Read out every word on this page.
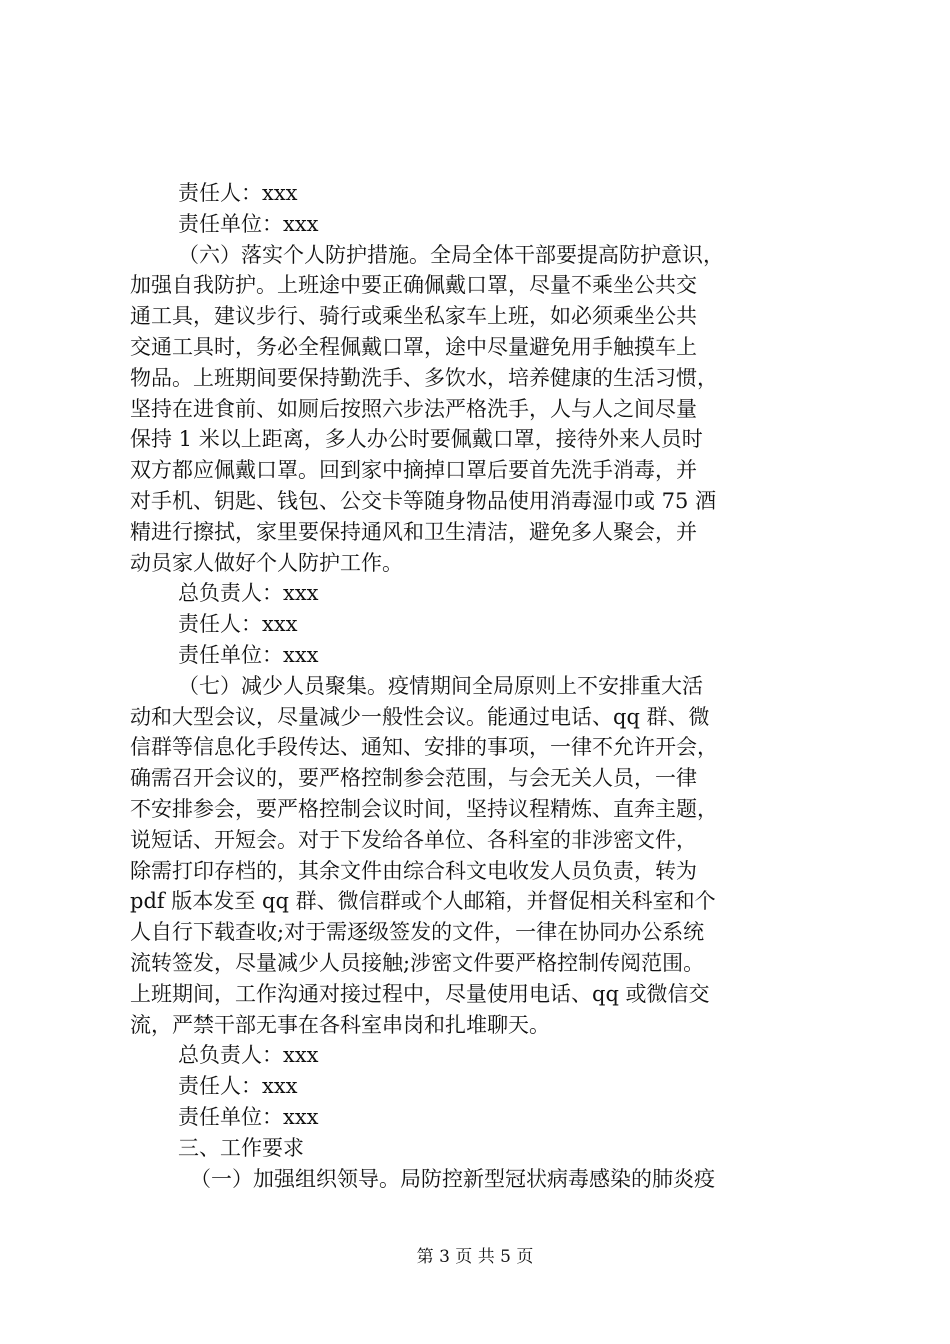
责任人：xxx
责任单位：xxx
（六）落实个人防护措施。全局全体干部要提高防护意识，
加强自我防护。上班途中要正确佩戴口罩，尽量不乘坐公共交
通工具，建议步行、骑行或乘坐私家车上班，如必须乘坐公共
交通工具时，务必全程佩戴口罩，途中尽量避免用手触摸车上
物品。上班期间要保持勤洗手、多饮水，培养健康的生活习惯，
坚持在进食前、如厕后按照六步法严格洗手，人与人之间尽量
保持 1 米以上距离，多人办公时要佩戴口罩，接待外来人员时
双方都应佩戴口罩。回到家中摘掉口罩后要首先洗手消毒，并
对手机、钥匙、钱包、公交卡等随身物品使用消毒湿巾或 75 酒
精进行擦拭，家里要保持通风和卫生清洁，避免多人聚会，并
动员家人做好个人防护工作。
总负责人：xxx
责任人：xxx
责任单位：xxx
（七）减少人员聚集。疫情期间全局原则上不安排重大活
动和大型会议，尽量减少一般性会议。能通过电话、qq 群、微
信群等信息化手段传达、通知、安排的事项，一律不允许开会，
确需召开会议的，要严格控制参会范围，与会无关人员，一律
不安排参会，要严格控制会议时间，坚持议程精炼、直奔主题，
说短话、开短会。对于下发给各单位、各科室的非涉密文件，
除需打印存档的，其余文件由综合科文电收发人员负责，转为
pdf 版本发至 qq 群、微信群或个人邮箱，并督促相关科室和个
人自行下载查收;对于需逐级签发的文件，一律在协同办公系统
流转签发，尽量减少人员接触;涉密文件要严格控制传阅范围。
上班期间，工作沟通对接过程中，尽量使用电话、qq 或微信交
流，严禁干部无事在各科室串岗和扎堆聊天。
总负责人：xxx
责任人：xxx
责任单位：xxx
三、工作要求
（一）加强组织领导。局防控新型冠状病毒感染的肺炎疫
第 3 页 共 5 页
